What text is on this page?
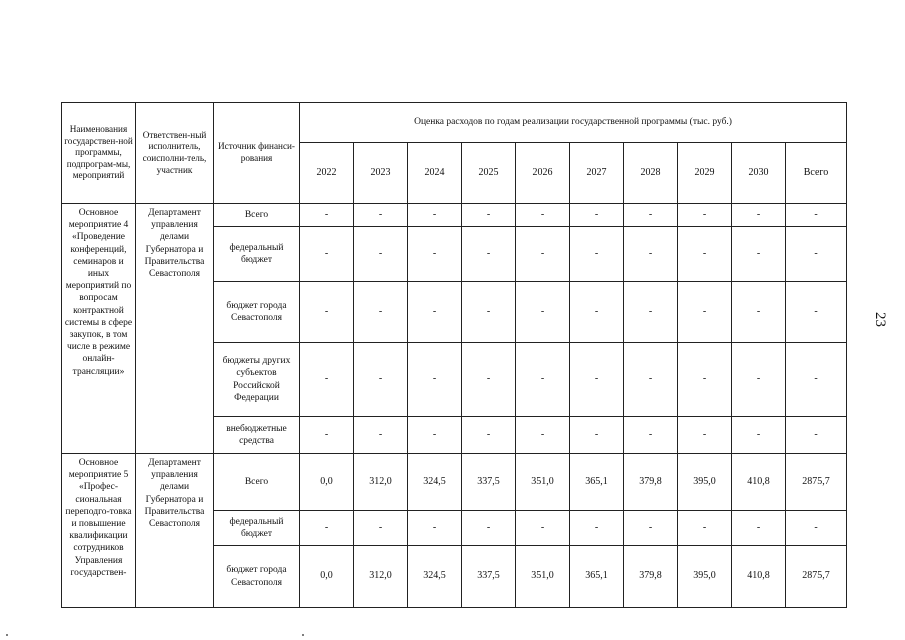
Наименования государствен-ной программы, подпрограм-мы, мероприятий	Ответствен-ный исполнитель, соисполни-тель, участник	Источник финанси-рования	Оценка расходов по годам реализации государственной программы (тыс. руб.)									
			2022	2023	2024	2025	2026	2027	2028	2029	2030	Всего
Основное мероприятие 4 «Проведение конференций, семинаров и иных мероприятий по вопросам контрактной системы в сфере закупок, в том числе в режиме онлайн-трансляции»	Департамент управления делами Губернатора и Правительства Севастополя	Всего	-	-	-	-	-	-	-	-	-	-
		федеральный бюджет	-	-	-	-	-	-	-	-	-	-
		бюджет города Севастополя	-	-	-	-	-	-	-	-	-	-
		бюджеты других субъектов Российской Федерации	-	-	-	-	-	-	-	-	-	-
		внебюджетные средства	-	-	-	-	-	-	-	-	-	-
Основное мероприятие 5 «Профес-сиональная переподго-товка и повышение квалификации сотрудников Управления государствен-	Департамент управления делами Губернатора и Правительства Севастополя	Всего	0,0	312,0	324,5	337,5	351,0	365,1	379,8	395,0	410,8	2875,7
		федеральный бюджет	-	-	-	-	-	-	-	-	-	-
		бюджет города Севастополя	0,0	312,0	324,5	337,5	351,0	365,1	379,8	395,0	410,8	2875,7
23
